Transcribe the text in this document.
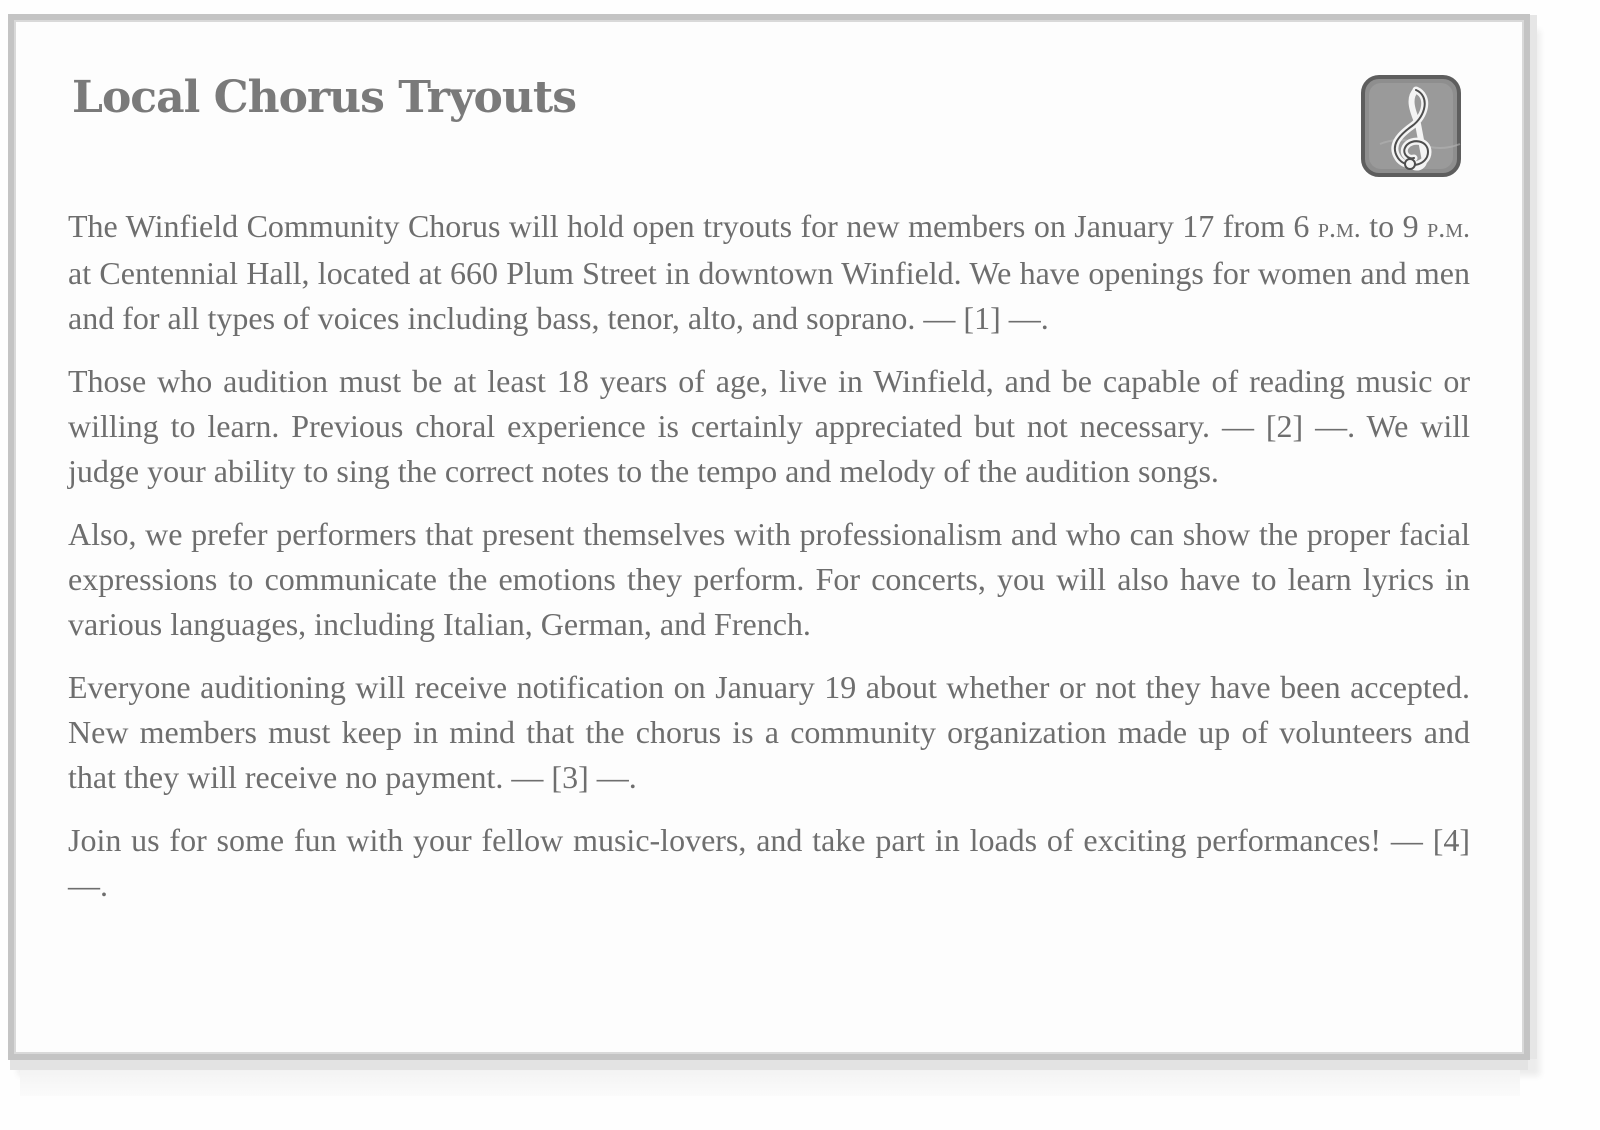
Local Chorus Tryouts

The Winfield Community Chorus will hold open tryouts for new members on January 17 from 6 p.m. to 9 p.m. at Centennial Hall, located at 660 Plum Street in downtown Winfield. We have openings for women and men and for all types of voices including bass, tenor, alto, and soprano. — [1] —.

Those who audition must be at least 18 years of age, live in Winfield, and be capable of reading music or willing to learn. Previous choral experience is certainly appreciated but not necessary. — [2] —. We will judge your ability to sing the correct notes to the tempo and melody of the audition songs.

Also, we prefer performers that present themselves with professionalism and who can show the proper facial expressions to communicate the emotions they perform. For concerts, you will also have to learn lyrics in various languages, including Italian, German, and French.

Everyone auditioning will receive notification on January 19 about whether or not they have been accepted. New members must keep in mind that the chorus is a community organization made up of volunteers and that they will receive no payment. — [3] —.

Join us for some fun with your fellow music-lovers, and take part in loads of exciting performances! — [4] —.
